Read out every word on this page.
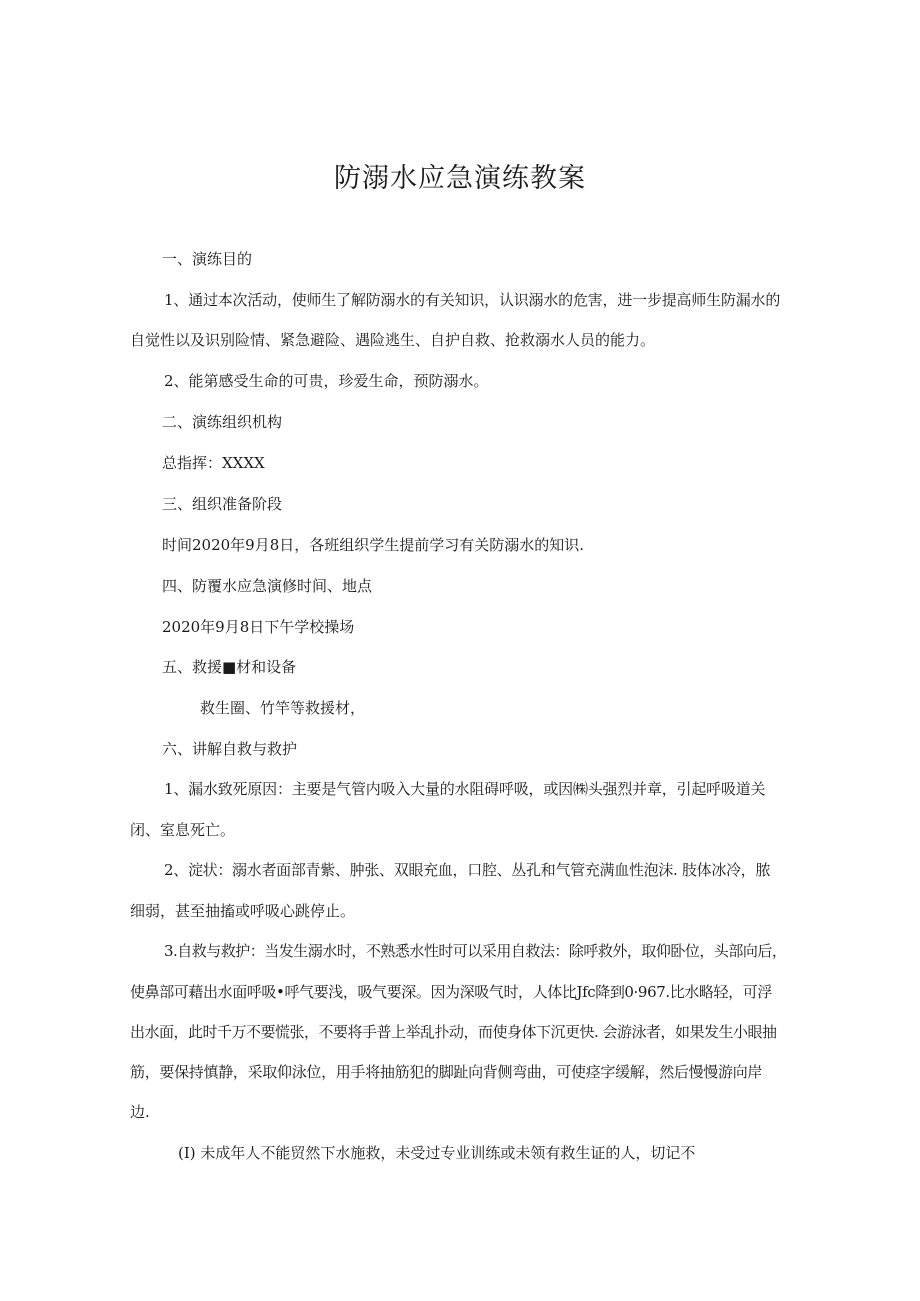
防溺水应急演练教案
一、演练目的
1、通过本次活动，使师生了解防溺水的有关知识，认识溺水的危害，进一步提高师生防漏水的
自觉性以及识别险情、紧急避险、遇险逃生、自护自救、抢救溺水人员的能力。
2、能第感受生命的可贵，珍爱生命，预防溺水。
二、演练组织机构
总指挥：XXXX
三、组织准备阶段
时间2020年9月8日，各班组织学生提前学习有关防溺水的知识.
四、防覆水应急演修时间、地点
2020年9月8日下午学校操场
五、救援■材和设备
救生圈、竹竿等救援材，
六、讲解自救与救护
1、漏水致死原因：主要是气管内吸入大量的水阻碍呼吸，或因㈱头强烈并章，引起呼吸道关
闭、室息死亡。
2、淀状：溺水者面部青紫、肿张、双眼充血，口腔、丛孔和气管充满血性泡沫. 肢体冰冷，脓
细弱，甚至抽搐或呼吸心跳停止。
3.自救与救护：当发生溺水时，不熟悉水性时可以采用自救法：除呼救外，取仰卧位，头部向后，
使鼻部可藉出水面呼吸•呼气要浅，吸气要深。因为深吸气时，人体比Jfc降到0·967.比水略轻，可浮
出水面，此时千万不要慌张，不要将手普上举乱扑动，而使身体下沉更快. 会游泳者，如果发生小眼抽
筋，要保持慎静，采取仰泳位，用手将抽筋犯的脚趾向背侧弯曲，可使痉字缓解，然后慢慢游向岸
边.
(I) 未成年人不能贸然下水施救，未受过专业训练或未领有救生证的人，切记不
